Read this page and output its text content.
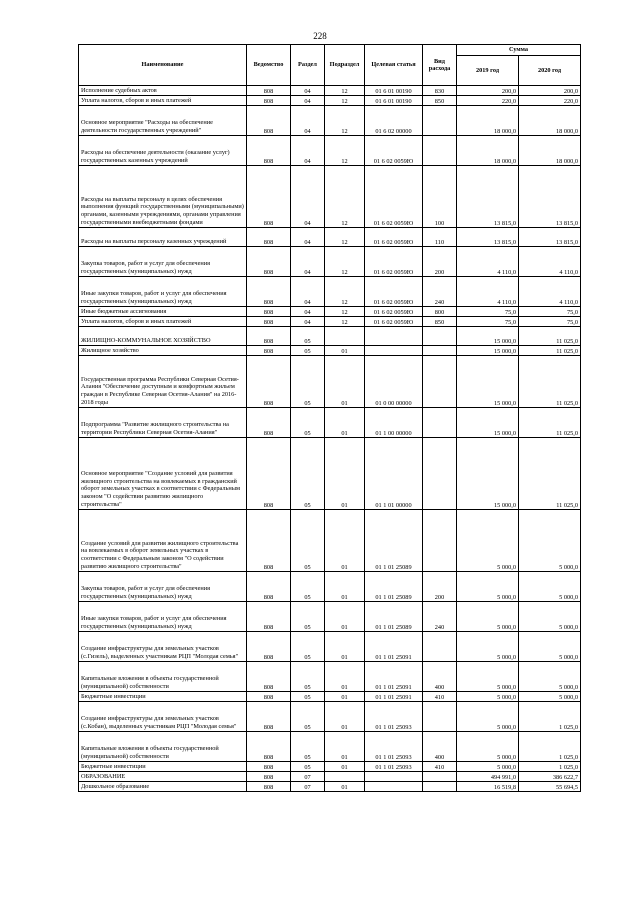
228
Наименование	Ведомство	Раздел	Подраздел	Целевая статья	Вид расхода	Сумма	
						2019 год	2020 год
Исполнение судебных актов	808	04	12	01 6 01 00190	830	200,0	200,0
Уплата налогов, сборов и иных платежей	808	04	12	01 6 01 00190	850	220,0	220,0
Основное мероприятие "Расходы на обеспечение деятельности государственных учреждений"	808	04	12	01 6 02 00000		18 000,0	18 000,0
Расходы на обеспечение деятельности (оказание услуг) государственных казенных учреждений	808	04	12	01 6 02 0059Ю		18 000,0	18 000,0
Расходы на выплаты персоналу в целях обеспечения выполнения функций государственными (муниципальными) органами, казенными учреждениями, органами управления государственными внебюджетными фондами	808	04	12	01 6 02 0059Ю	100	13 815,0	13 815,0
Расходы на выплаты персоналу казенных учреждений	808	04	12	01 6 02 0059Ю	110	13 815,0	13 815,0
Закупка товаров, работ и услуг для обеспечения государственных (муниципальных) нужд	808	04	12	01 6 02 0059Ю	200	4 110,0	4 110,0
Иные закупки товаров, работ и услуг для обеспечения государственных (муниципальных) нужд	808	04	12	01 6 02 0059Ю	240	4 110,0	4 110,0
Иные бюджетные ассигнования	808	04	12	01 6 02 0059Ю	800	75,0	75,0
Уплата налогов, сборов и иных платежей	808	04	12	01 6 02 0059Ю	850	75,0	75,0
ЖИЛИЩНО-КОММУНАЛЬНОЕ ХОЗЯЙСТВО	808	05				15 000,0	11 025,0
Жилищное хозяйство	808	05	01			15 000,0	11 025,0
Государственная программа Республики Северная Осетия-Алания "Обеспечение доступным и комфортным жильем граждан в Республике Северная Осетия-Алания" на 2016-2018 годы	808	05	01	01 0 00 00000		15 000,0	11 025,0
Подпрограмма "Развитие жилищного строительства на территории Республики Северная Осетия-Алания"	808	05	01	01 1 00 00000		15 000,0	11 025,0
Основное мероприятие "Создание условий для развития жилищного строительства на вовлекаемых в гражданский оборот земельных участках в соответствии с Федеральным законом "О содействии развитию жилищного строительства"	808	05	01	01 1 01 00000		15 000,0	11 025,0
Создание условий для развития жилищного строительства на вовлекаемых в оборот земельных участках в соответствии с Федеральным законом "О содействии развитию жилищного строительства"	808	05	01	01 1 01 25089		5 000,0	5 000,0
Закупка товаров, работ и услуг для обеспечения государственных (муниципальных) нужд	808	05	01	01 1 01 25089	200	5 000,0	5 000,0
Иные закупки товаров, работ и услуг для обеспечения государственных (муниципальных) нужд	808	05	01	01 1 01 25089	240	5 000,0	5 000,0
Создание инфраструктуры для земельных участков (с.Гизель), выделенных участникам РЦП "Молодая семья"	808	05	01	01 1 01 25091		5 000,0	5 000,0
Капитальные вложения в объекты государственной (муниципальной) собственности	808	05	01	01 1 01 25091	400	5 000,0	5 000,0
Бюджетные инвестиции	808	05	01	01 1 01 25091	410	5 000,0	5 000,0
Создание инфраструктуры для земельных участков (с.Кобан), выделенных участникам РЦП "Молодая семья"	808	05	01	01 1 01 25093		5 000,0	1 025,0
Капитальные вложения в объекты государственной (муниципальной) собственности	808	05	01	01 1 01 25093	400	5 000,0	1 025,0
Бюджетные инвестиции	808	05	01	01 1 01 25093	410	5 000,0	1 025,0
ОБРАЗОВАНИЕ	808	07				494 991,0	386 622,7
Дошкольное образование	808	07	01			16 519,8	55 694,5
